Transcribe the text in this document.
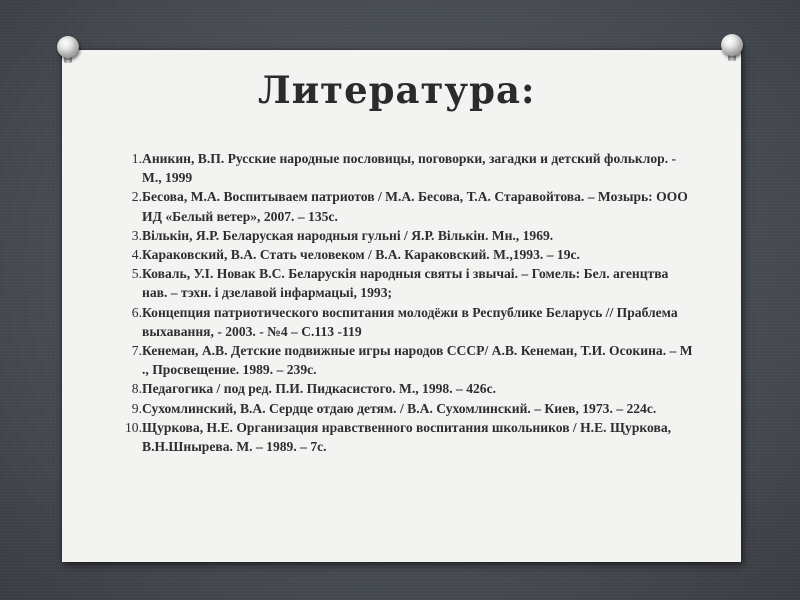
Литература:
1. Аникин, В.П. Русские народные пословицы, поговорки, загадки и детский фольклор. - М., 1999
2. Бесова, М.А. Воспитываем патриотов / М.А. Бесова, Т.А. Старавойтова. – Мозырь: ООО ИД «Белый ветер», 2007. – 135с.
3. Вількін, Я.Р. Беларуская народныя гульні / Я.Р. Вількін. Мн., 1969.
4. Караковский, В.А. Стать человеком / В.А. Караковский. М.,1993. – 19с.
5. Коваль, У.І. Новак В.С. Беларускія народныя святы і звычаі. – Гомель: Бел. агенцтва нав. – тэхн. і дзелавой інфармацыі, 1993;
6. Концепция патриотического воспитания молодёжи в Республике Беларусь // Праблема выхавання, - 2003. - №4 – С.113 -119
7. Кенеман, А.В. Детские подвижные игры народов СССР/ А.В. Кенеман, Т.И. Осокина. – М ., Просвещение. 1989. – 239с.
8. Педагогика / под ред. П.И. Пидкасистого. М., 1998. – 426с.
9. Сухомлинский, В.А. Сердце отдаю детям. / В.А. Сухомлинский. – Киев, 1973. – 224с.
10. Щуркова, Н.Е. Организация нравственного воспитания школьников / Н.Е. Щуркова, В.Н.Шнырева. М. – 1989. – 7с.
